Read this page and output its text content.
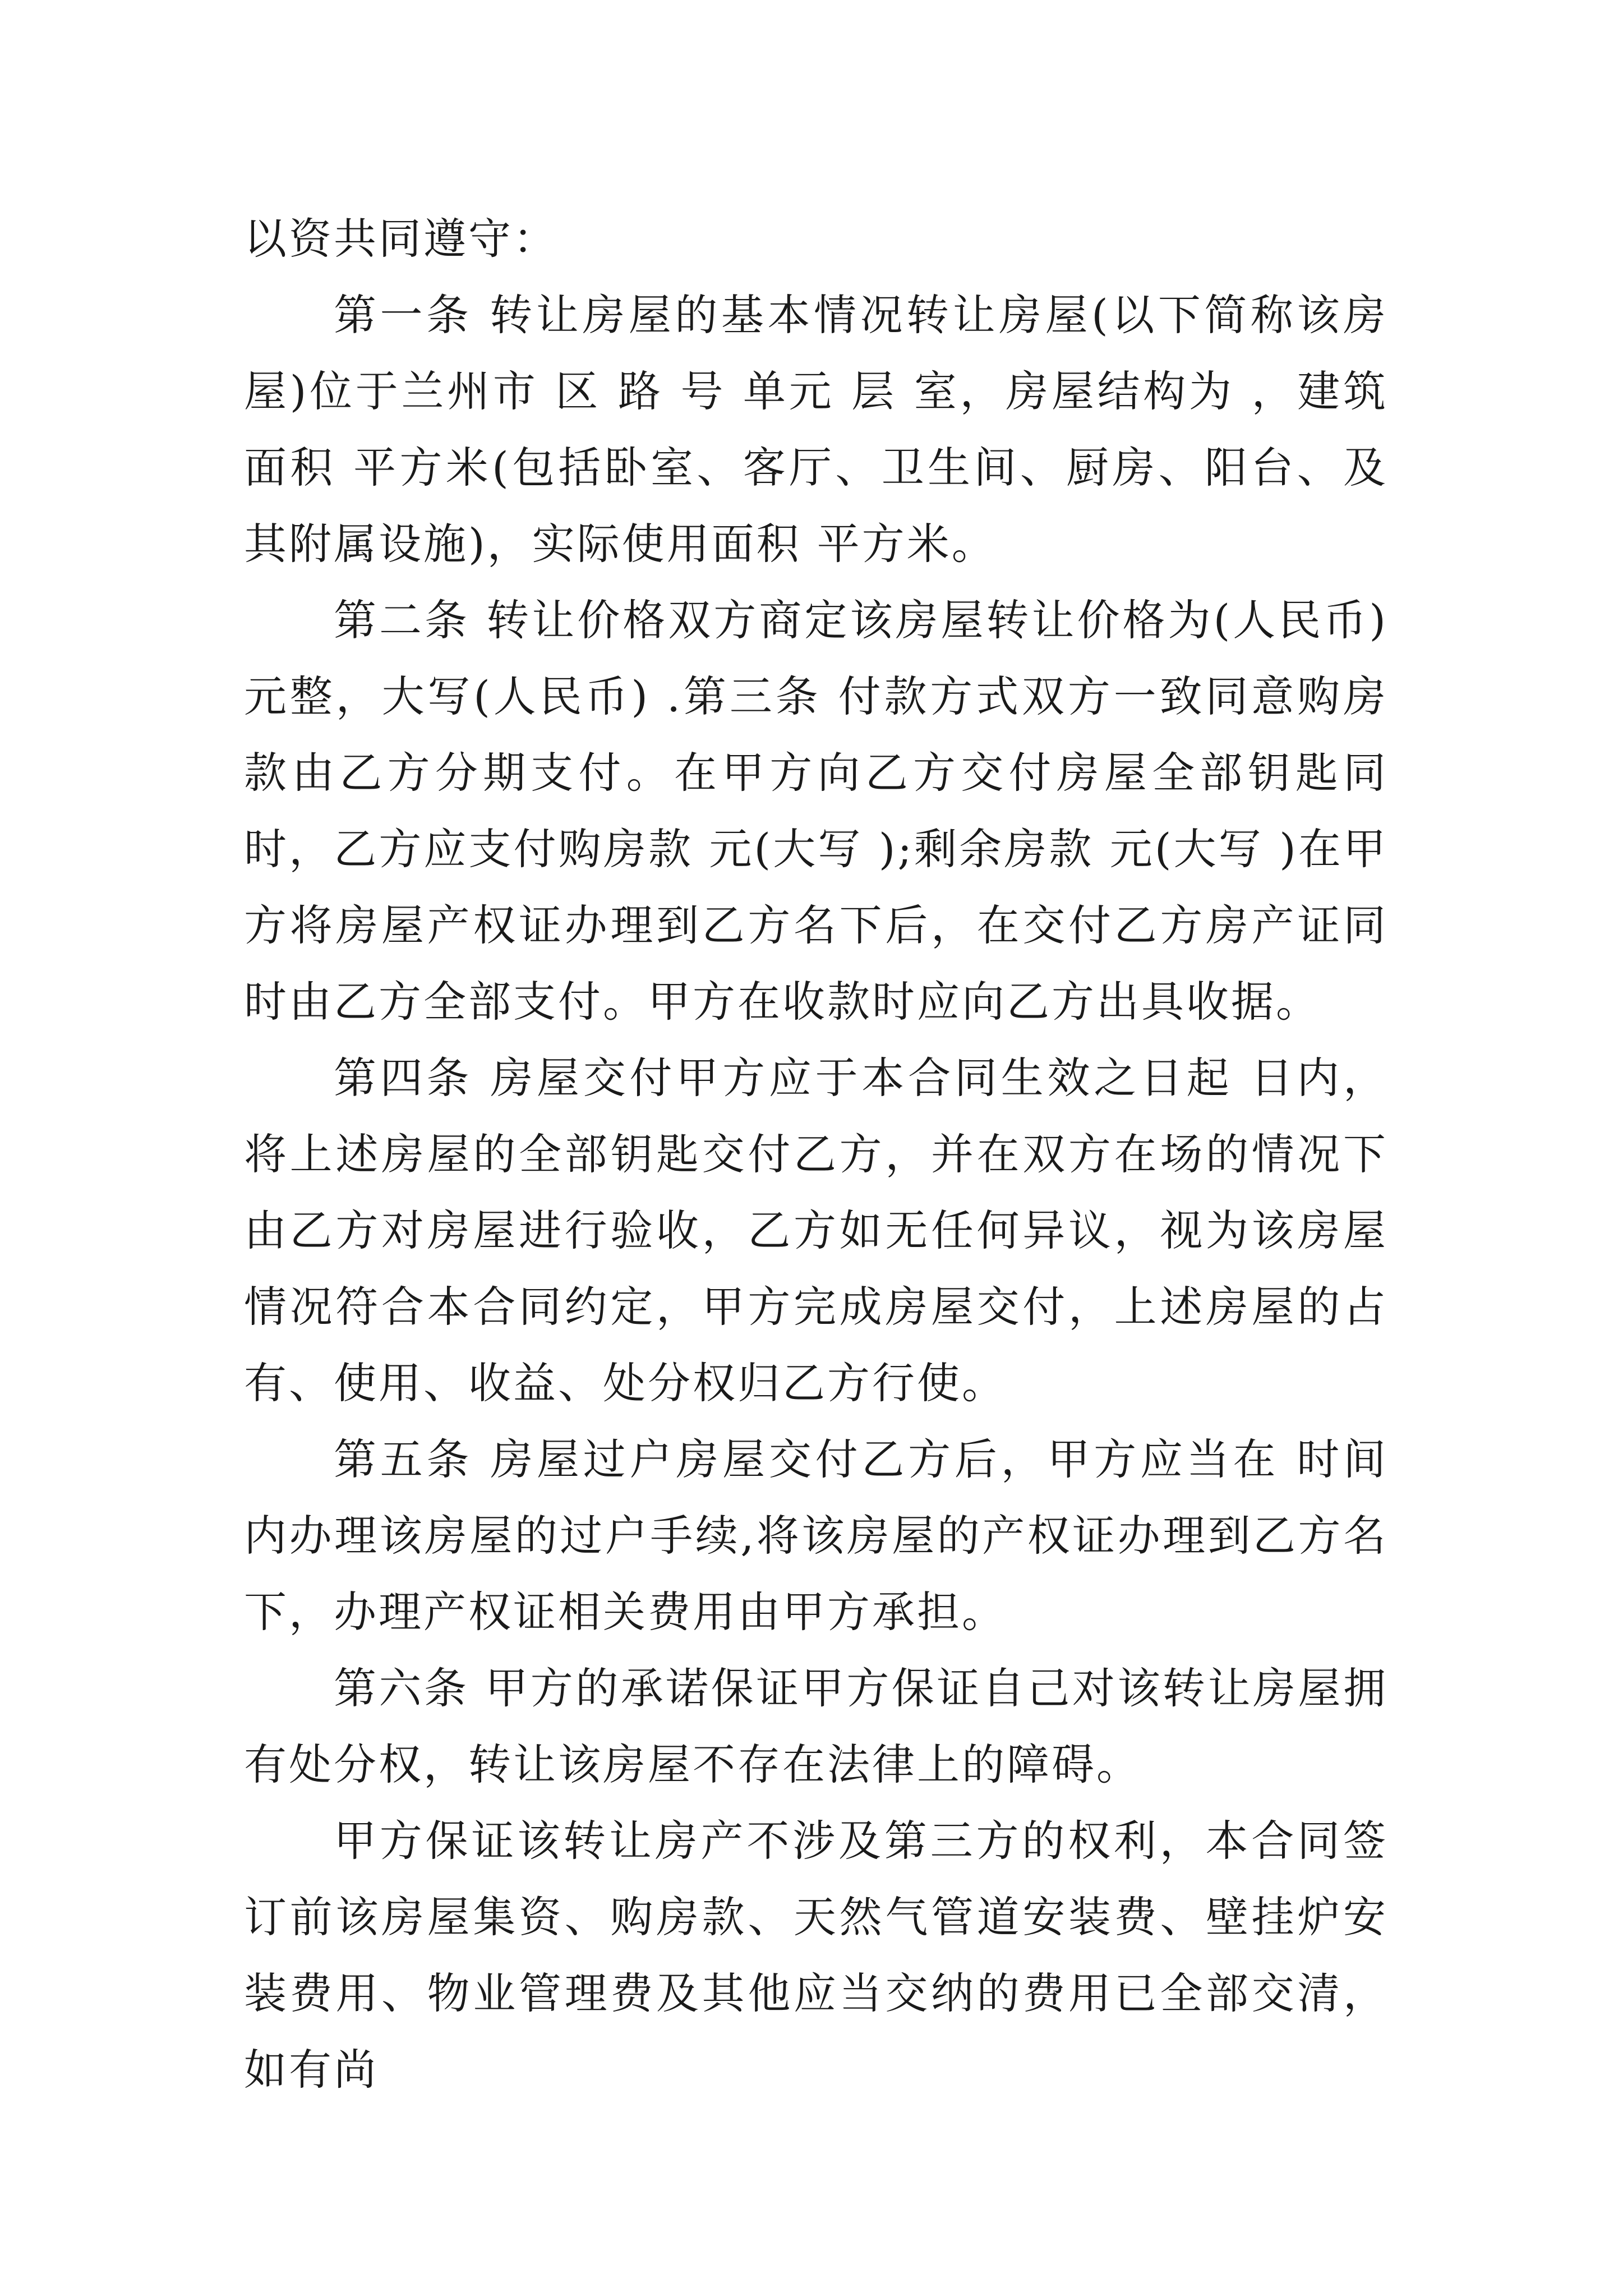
以资共同遵守：

第一条 转让房屋的基本情况转让房屋(以下简称该房屋)位于兰州市 区 路 号 单元 层 室，房屋结构为 ，建筑面积 平方米(包括卧室、客厅、卫生间、厨房、阳台、及其附属设施)，实际使用面积 平方米。

第二条 转让价格双方商定该房屋转让价格为(人民币) 元整，大写(人民币) .第三条 付款方式双方一致同意购房款由乙方分期支付。在甲方向乙方交付房屋全部钥匙同时，乙方应支付购房款 元(大写 );剩余房款 元(大写 )在甲方将房屋产权证办理到乙方名下后，在交付乙方房产证同时由乙方全部支付。甲方在收款时应向乙方出具收据。

第四条 房屋交付甲方应于本合同生效之日起 日内，将上述房屋的全部钥匙交付乙方，并在双方在场的情况下由乙方对房屋进行验收，乙方如无任何异议，视为该房屋情况符合本合同约定，甲方完成房屋交付，上述房屋的占有、使用、收益、处分权归乙方行使。

第五条 房屋过户房屋交付乙方后，甲方应当在 时间内办理该房屋的过户手续,将该房屋的产权证办理到乙方名下，办理产权证相关费用由甲方承担。

第六条 甲方的承诺保证甲方保证自己对该转让房屋拥有处分权，转让该房屋不存在法律上的障碍。

甲方保证该转让房产不涉及第三方的权利，本合同签订前该房屋集资、购房款、天然气管道安装费、壁挂炉安装费用、物业管理费及其他应当交纳的费用已全部交清，如有尚
